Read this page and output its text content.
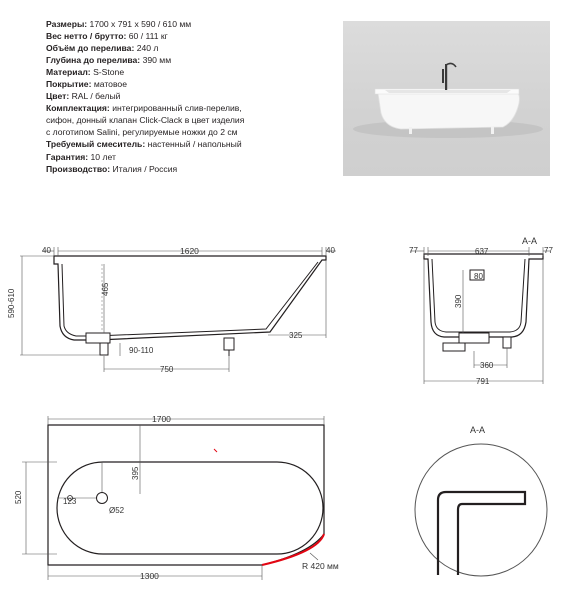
Размеры: 1700 x 791 x 590 / 610 мм
Вес нетто / брутто: 60 / 111 кг
Объём до перелива: 240 л
Глубина до перелива: 390 мм
Материал: S-Stone
Покрытие: матовое
Цвет: RAL / белый
Комплектация: интегрированный слив-перелив,
сифон, донный клапан Click-Clack в цвет изделия
с логотипом Salini, регулируемые ножки до 2 см
Требуемый смеситель: настенный / напольный
Гарантия: 10 лет
Производство: Италия / Россия
40	1620	40
590-610	465
325
90-110
750
A-A
77	637	77
80
390
360
791
1700
520	123
Ø52
395
1300
R 420 мм
A-A
